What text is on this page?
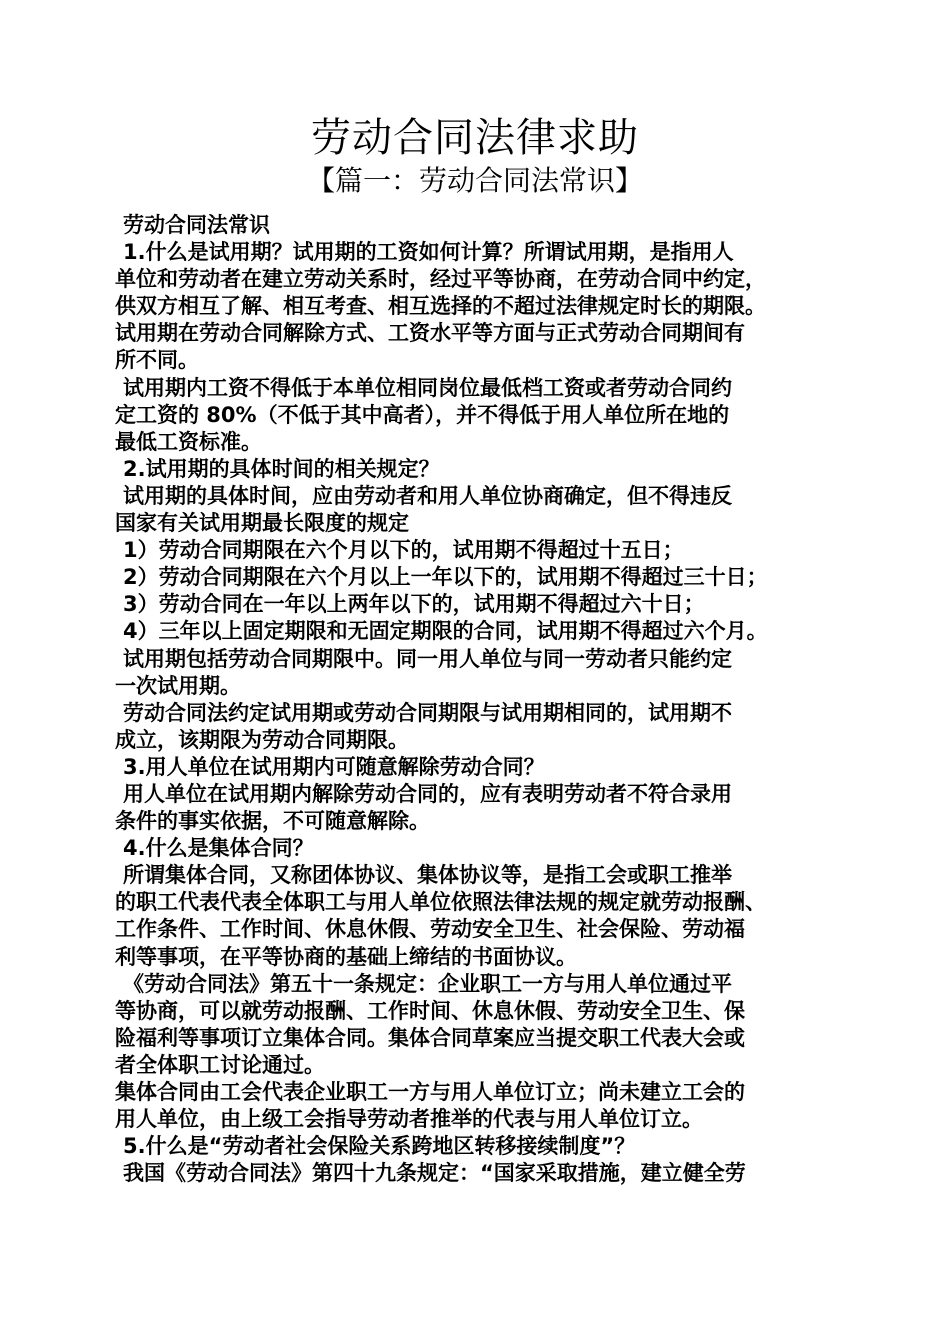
劳动合同法律求助
【篇一：劳动合同法常识】
劳动合同法常识
1.什么是试用期？试用期的工资如何计算？所谓试用期，是指用人
单位和劳动者在建立劳动关系时，经过平等协商，在劳动合同中约定，
供双方相互了解、相互考查、相互选择的不超过法律规定时长的期限。
试用期在劳动合同解除方式、工资水平等方面与正式劳动合同期间有
所不同。
试用期内工资不得低于本单位相同岗位最低档工资或者劳动合同约
定工资的 80%（不低于其中高者），并不得低于用人单位所在地的
最低工资标准。
2.试用期的具体时间的相关规定？
试用期的具体时间，应由劳动者和用人单位协商确定，但不得违反
国家有关试用期最长限度的规定
1）劳动合同期限在六个月以下的，试用期不得超过十五日；
2）劳动合同期限在六个月以上一年以下的，试用期不得超过三十日；
3）劳动合同在一年以上两年以下的，试用期不得超过六十日；
4）三年以上固定期限和无固定期限的合同，试用期不得超过六个月。
试用期包括劳动合同期限中。同一用人单位与同一劳动者只能约定
一次试用期。
劳动合同法约定试用期或劳动合同期限与试用期相同的，试用期不
成立，该期限为劳动合同期限。
3.用人单位在试用期内可随意解除劳动合同？
用人单位在试用期内解除劳动合同的，应有表明劳动者不符合录用
条件的事实依据，不可随意解除。
4.什么是集体合同？
所谓集体合同，又称团体协议、集体协议等，是指工会或职工推举
的职工代表代表全体职工与用人单位依照法律法规的规定就劳动报酬、
工作条件、工作时间、休息休假、劳动安全卫生、社会保险、劳动福
利等事项，在平等协商的基础上缔结的书面协议。
《劳动合同法》第五十一条规定：企业职工一方与用人单位通过平
等协商，可以就劳动报酬、工作时间、休息休假、劳动安全卫生、保
险福利等事项订立集体合同。集体合同草案应当提交职工代表大会或
者全体职工讨论通过。
集体合同由工会代表企业职工一方与用人单位订立；尚未建立工会的
用人单位，由上级工会指导劳动者推举的代表与用人单位订立。
5.什么是“劳动者社会保险关系跨地区转移接续制度”？
我国《劳动合同法》第四十九条规定：“国家采取措施，建立健全劳
